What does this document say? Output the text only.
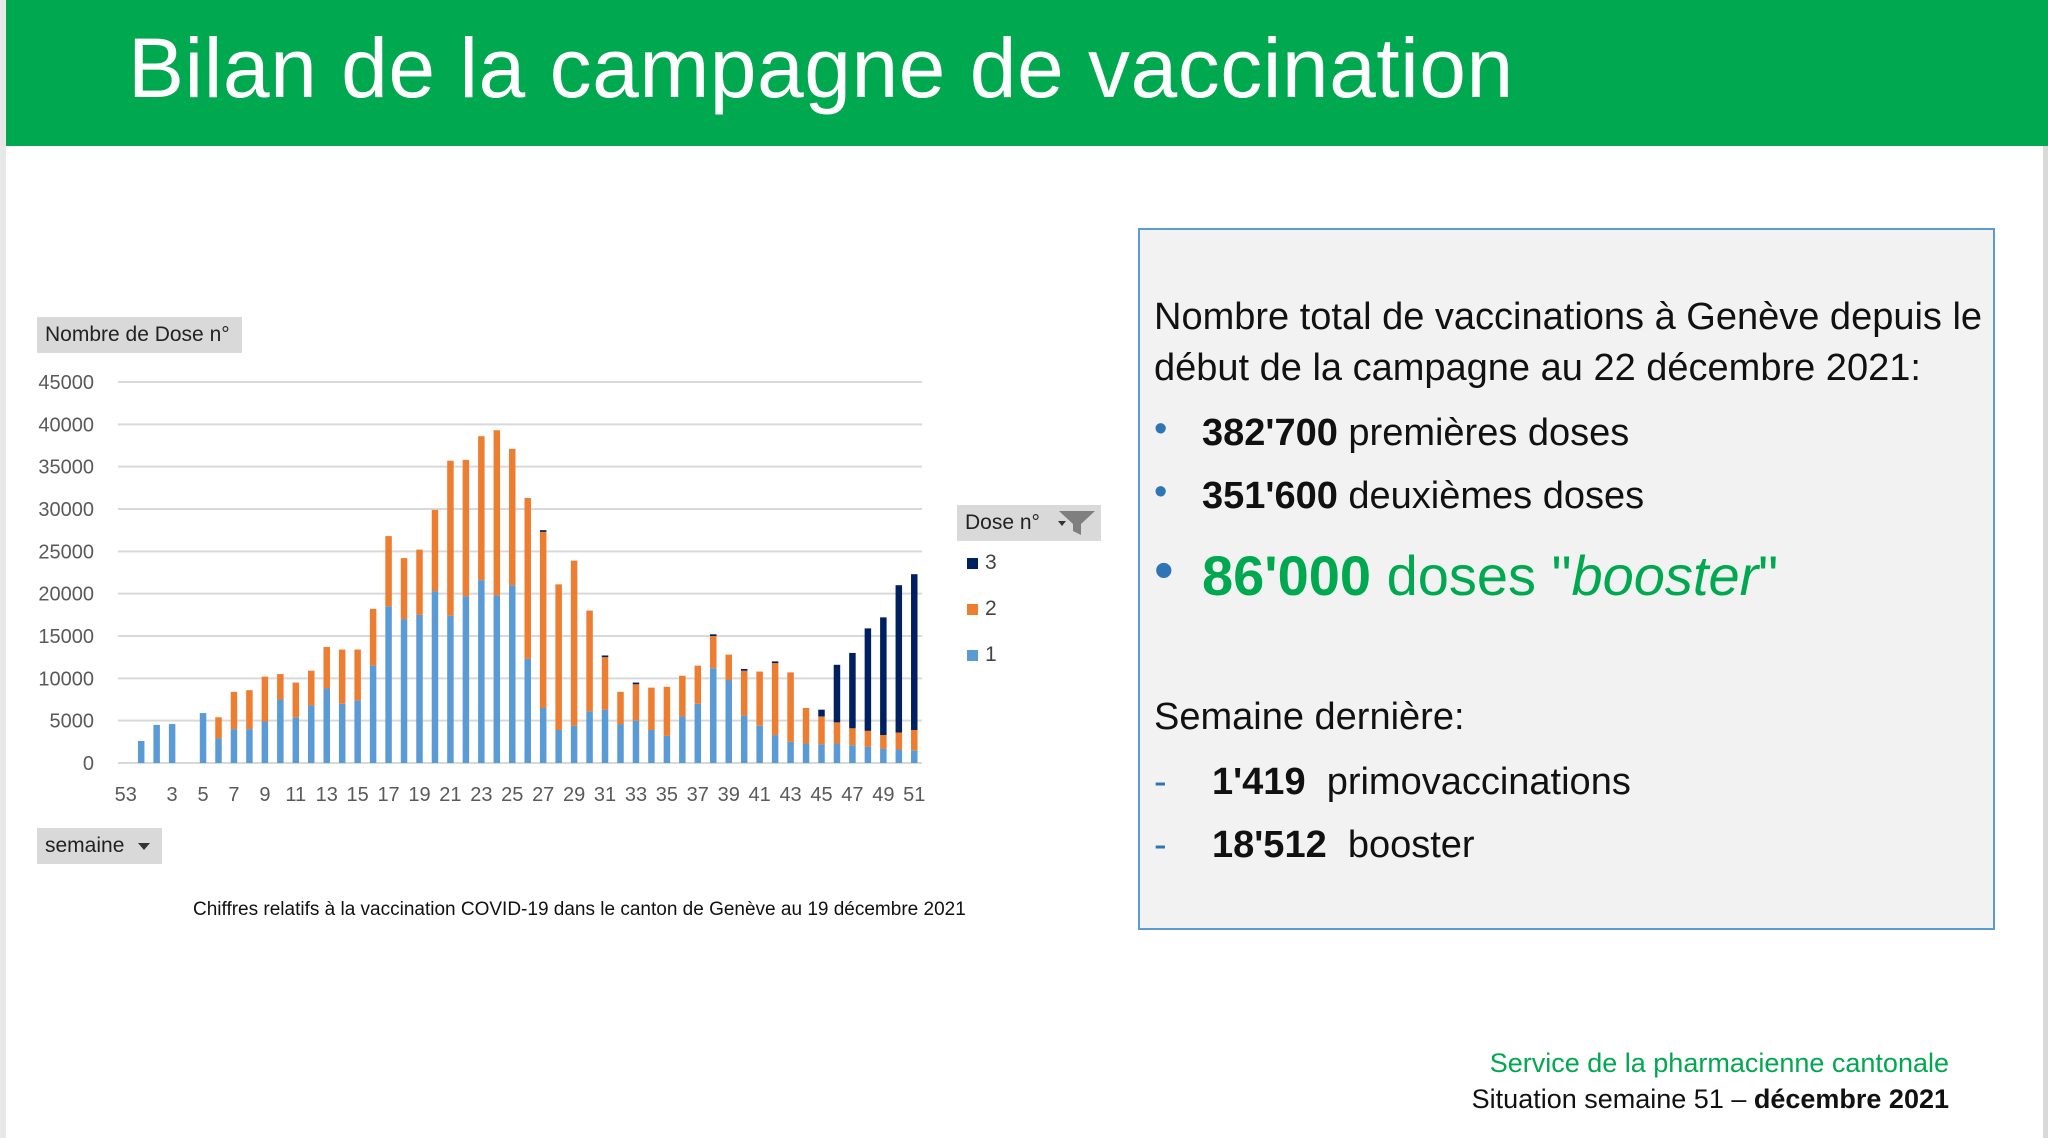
Bilan de la campagne de vaccination
Nombre de Dose n°
Dose n°
semaine
45000
40000
35000
30000
25000
20000
15000
10000
5000
0
53 3 5 7 9 11 13 15 17 19 21 23 25 27 29 31 33 35 37 39 41 43 45 47 49 51
3
2
1
Chiffres relatifs à la vaccination COVID-19 dans le canton de Genève au 19 décembre 2021

Nombre total de vaccinations à Genève depuis le début de la campagne au 22 décembre 2021:

• 382'700 premières doses
• 351'600 deuxièmes doses
• 86'000 doses "booster"

Semaine dernière:

- 1'419  primovaccinations
- 18'512  booster
Service de la pharmacienne cantonale
Situation semaine 51 – décembre 2021
